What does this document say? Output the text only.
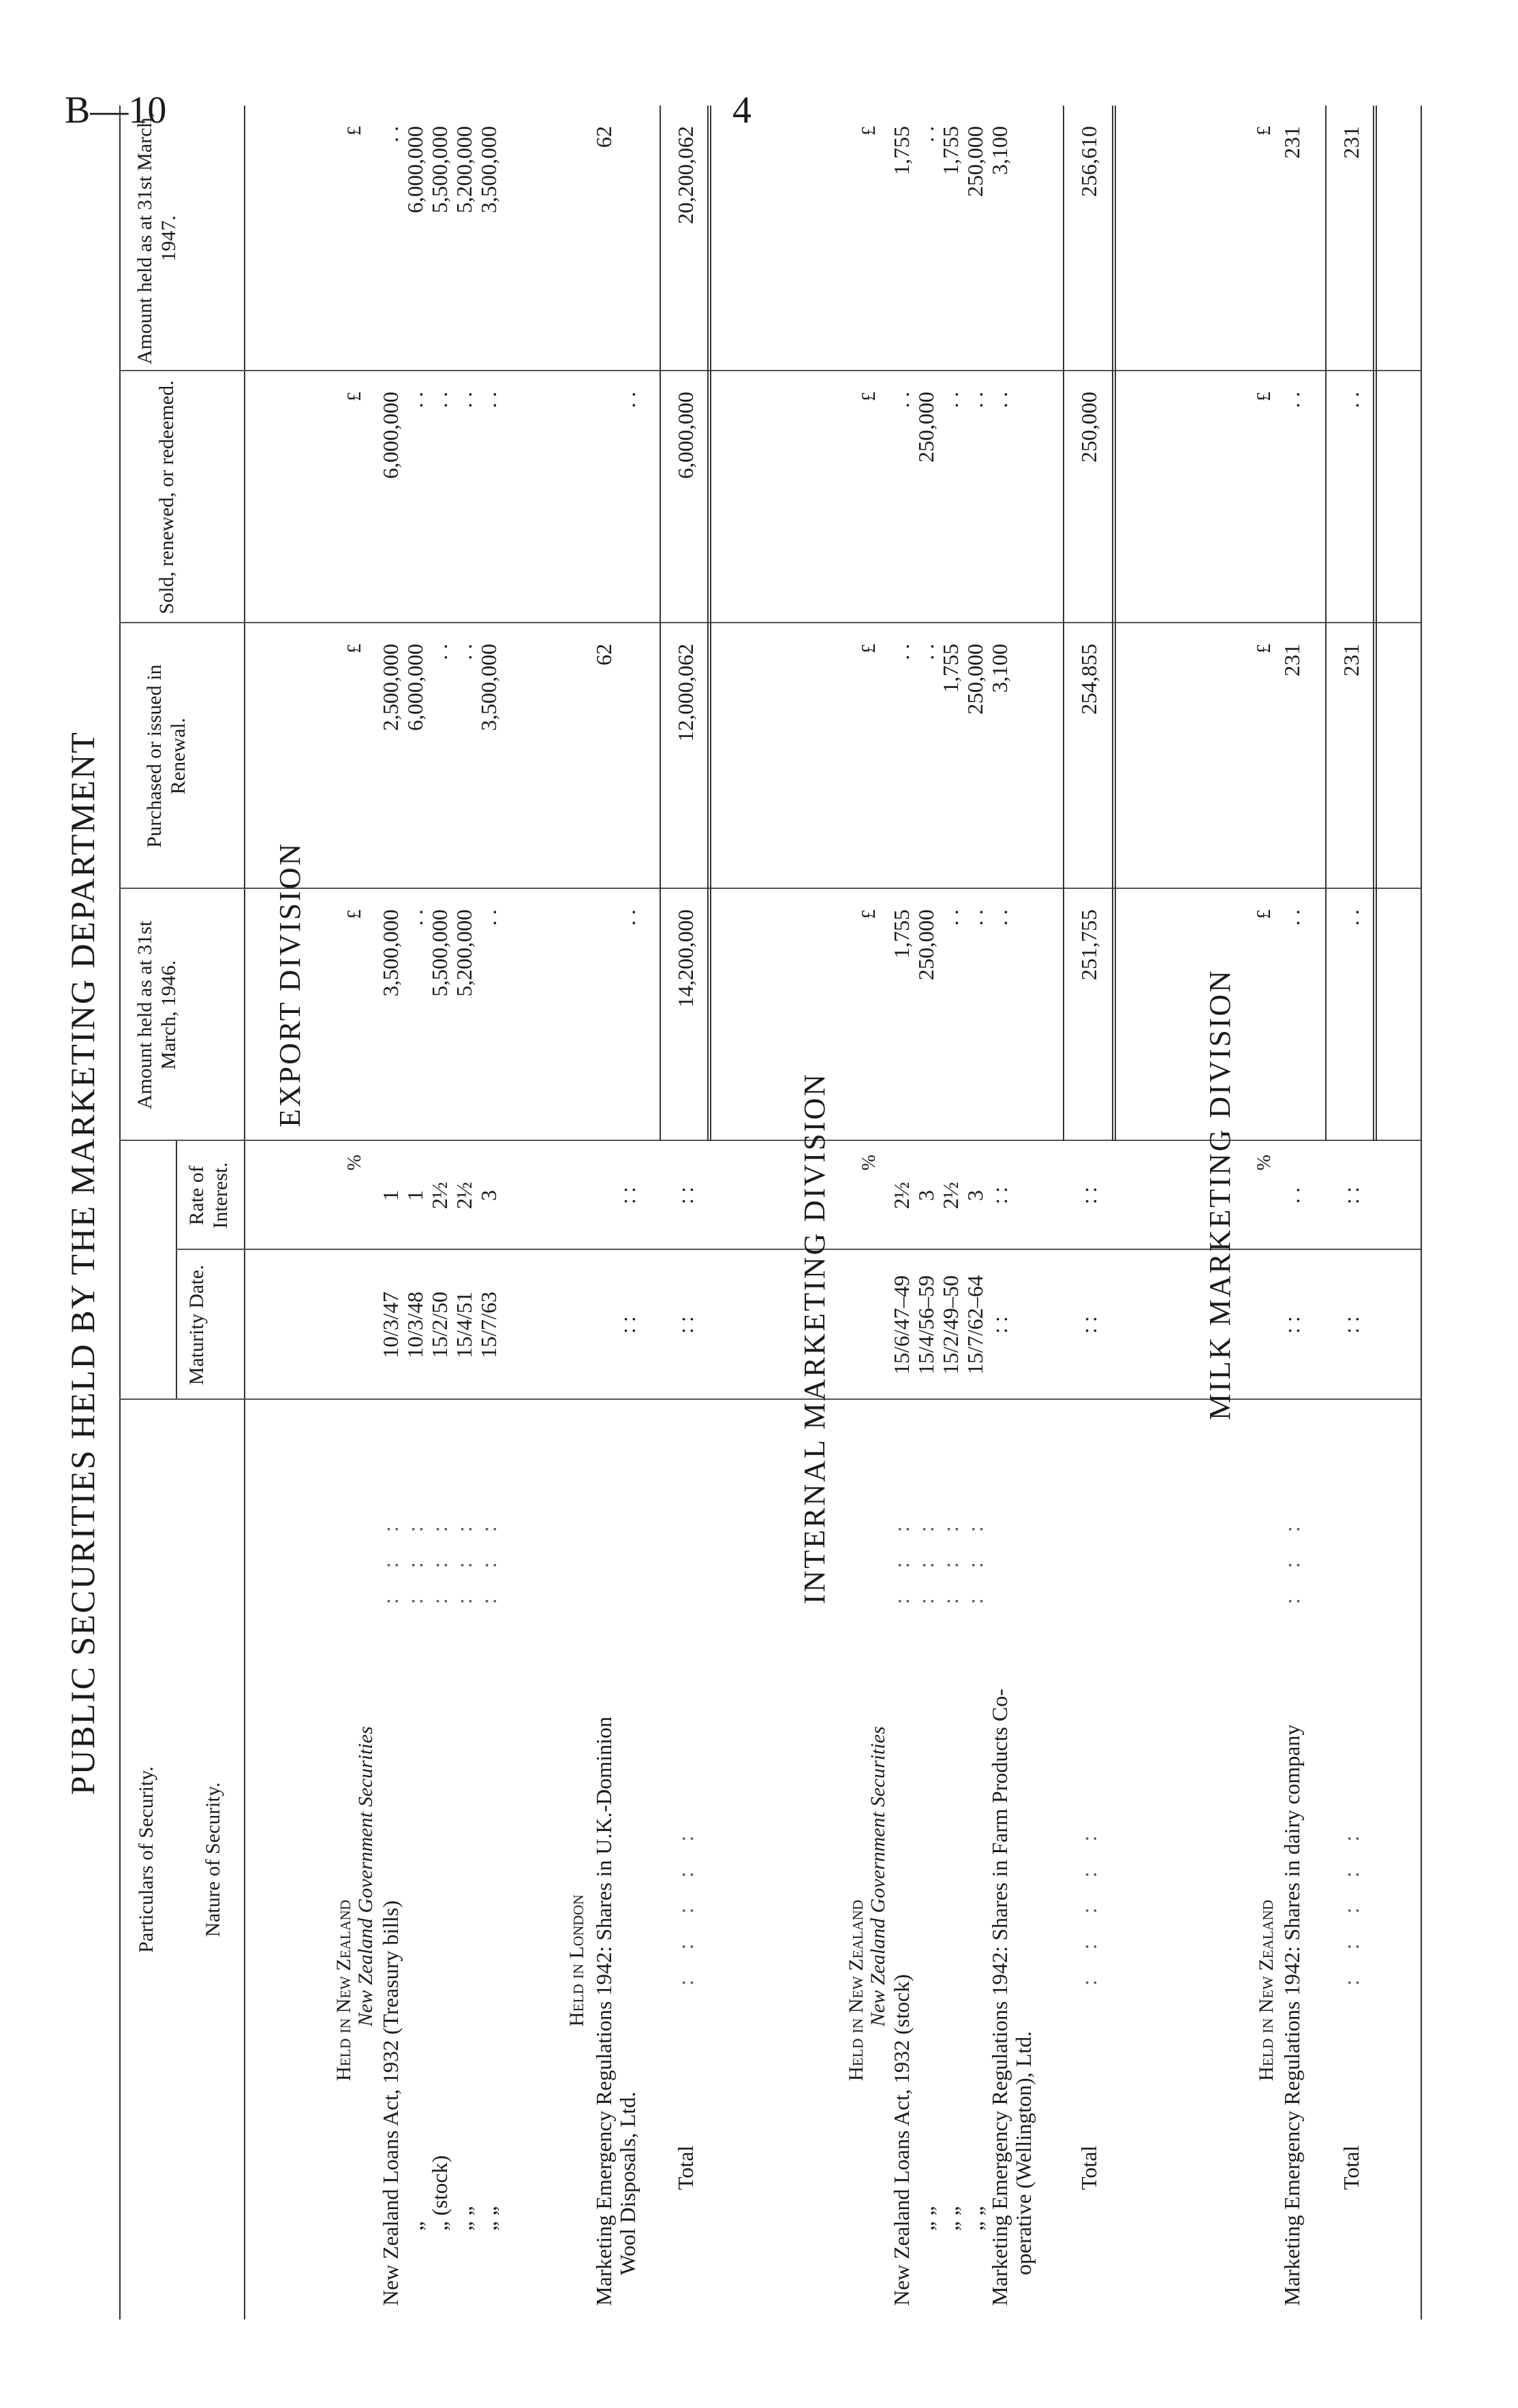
B—10	4
PUBLIC SECURITIES HELD BY THE MARKETING DEPARTMENT
Particulars of Security. Nature of Security.
Maturity Date.
Rate of Interest.
Amount held as at 31st March, 1946.
Purchased or issued in Renewal.
Sold, renewed, or redeemed.
Amount held as at 31st March, 1947.
EXPORT DIVISION
%
£
£
£
£
Held in New Zealand New Zealand Government Securities
New Zealand Loans Act, 1932 (Treasury bills)
: : :
10/3/47
1
3,500,000
2,500,000
6,000,000
. .
„
: : :
10/3/48
1
. .
6,000,000
. .
6,000,000
„ (stock)
: : :
15/2/50
2½
5,500,000
. .
. .
5,500,000
„ „
: : :
15/4/51
2½
5,200,000
. .
. .
5,200,000
„ „
: : :
15/7/63
3
. .
3,500,000
. .
3,500,000
Held in London Marketing Emergency Regulations 1942: Shares in U.K.-Dominion Wool Disposals, Ltd.
: :
: :
. .
62
. .
62
Total
: : : : :
: :
: :
14,200,000
12,000,062
6,000,000
20,200,062
INTERNAL MARKETING DIVISION %
£
£
£
£
Held in New Zealand New Zealand Government Securities
New Zealand Loans Act, 1932 (stock)
: : :
15/6/47–49
2½
1,755
. .
. .
1,755
„ „
: : :
15/4/56–59
3
250,000
. .
250,000
. .
„ „
: : :
15/2/49–50
2½
. .
1,755
. .
1,755
„ „
: : :
15/7/62–64
3
. .
250,000
. .
250,000
Marketing Emergency Regulations 1942: Shares in Farm Products Co- operative (Wellington), Ltd.
: :
: :
. .
3,100
. .
3,100
Total
: : : : :
: :
: :
251,755
254,855
250,000
256,610
MILK MARKETING DIVISION %
£
£
£
£
Held in New Zealand Marketing Emergency Regulations 1942: Shares in dairy company
: : :
: :
. .
. .
231
. .
231
Total
: : : : :
: :
: :
. .
231
. .
231
